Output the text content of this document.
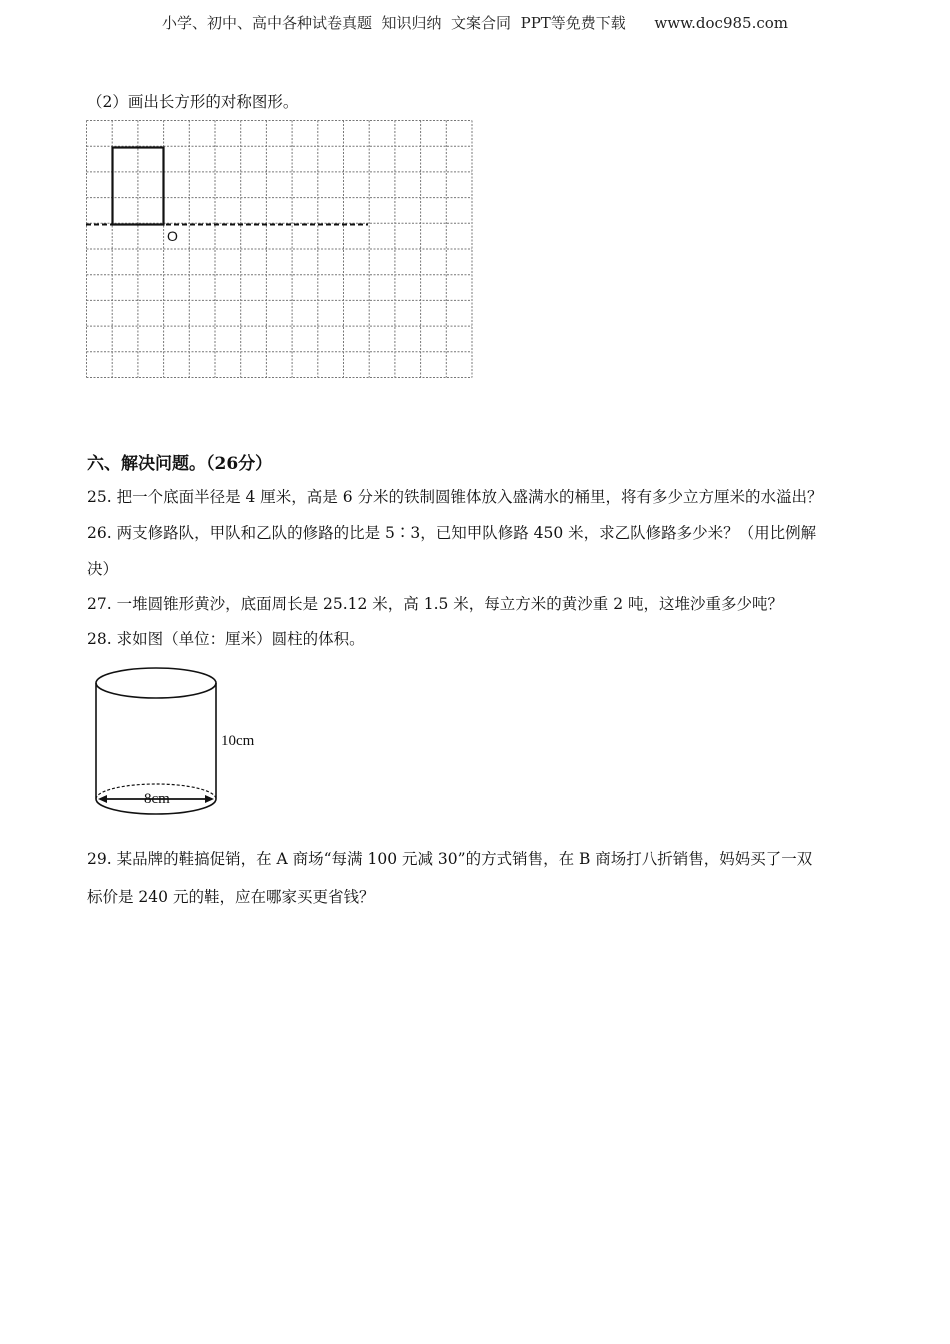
小学、初中、高中各种试卷真题  知识归纳  文案合同  PPT等免费下载 www.doc985.com
（2）画出长方形的对称图形。
O
六、解决问题。（26分）
25. 把一个底面半径是 4 厘米，高是 6 分米的铁制圆锥体放入盛满水的桶里，将有多少立方厘米的水溢出？
26. 两支修路队，甲队和乙队的修路的比是 5∶3，已知甲队修路 450 米，求乙队修路多少米？（用比例解
决）
27. 一堆圆锥形黄沙，底面周长是 25.12 米，高 1.5 米，每立方米的黄沙重 2 吨，这堆沙重多少吨？
28. 求如图（单位：厘米）圆柱的体积。
8cm
10cm
29. 某品牌的鞋搞促销，在 A 商场“每满 100 元减 30”的方式销售，在 B 商场打八折销售，妈妈买了一双
标价是 240 元的鞋，应在哪家买更省钱？
